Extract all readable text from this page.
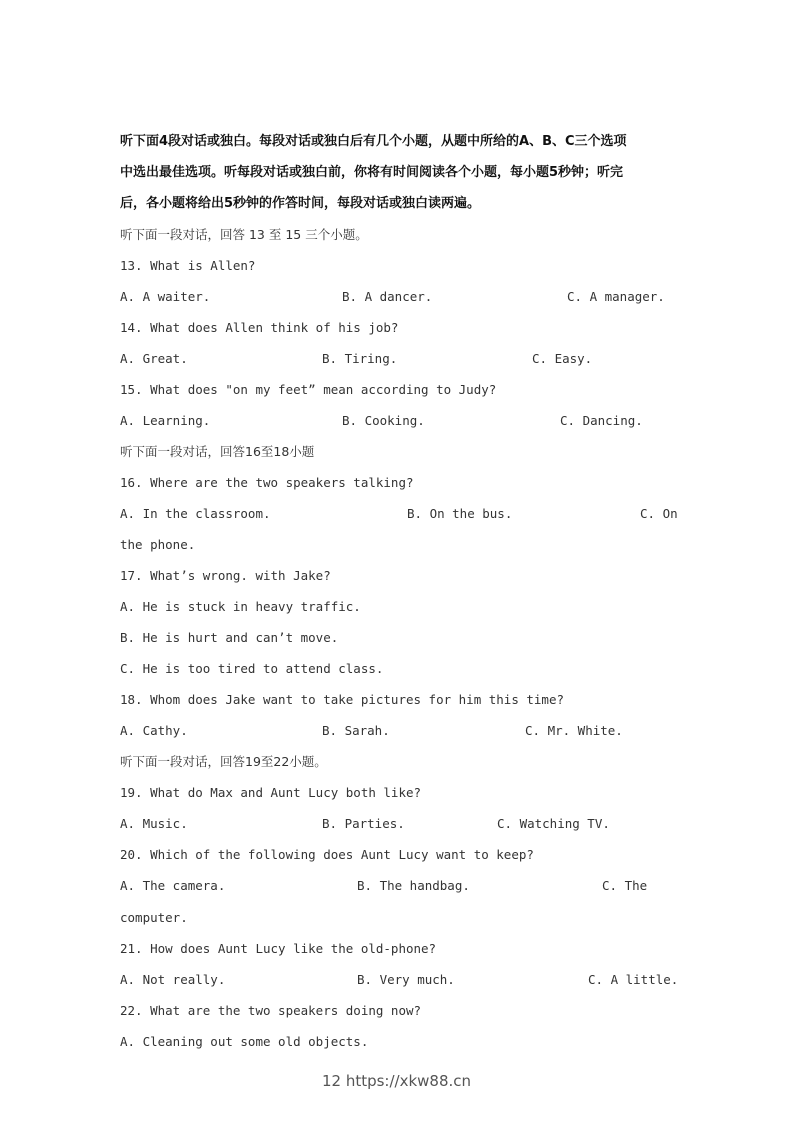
听下面4段对话或独白。每段对话或独白后有几个小题，从题中所给的A、B、C三个选项
中选出最佳选项。听每段对话或独白前，你将有时间阅读各个小题，每小题5秒钟；听完
后，各小题将给出5秒钟的作答时间，每段对话或独白读两遍。
听下面一段对话，回答 13 至 15 三个小题。
13. What is Allen?
A. A waiter.	B. A dancer.	C. A manager.
14. What does Allen think of his job?
A. Great.	B. Tiring.	C. Easy.
15. What does "on my feet” mean according to Judy?
A. Learning.	B. Cooking.	C. Dancing.
听下面一段对话，回答16至18小题
16. Where are the two speakers talking?
A. In the classroom.	B. On the bus.	C. On
the phone.
17. What’s wrong. with Jake?
A. He is stuck in heavy traffic.
B. He is hurt and can’t move.
C. He is too tired to attend class.
18. Whom does Jake want to take pictures for him this time?
A. Cathy.	B. Sarah.	C. Mr. White.
听下面一段对话，回答19至22小题。
19. What do Max and Aunt Lucy both like?
A. Music.	B. Parties.	C. Watching TV.
20. Which of the following does Aunt Lucy want to keep?
A. The camera.	B. The handbag.	C. The
computer.
21. How does Aunt Lucy like the old-phone?
A. Not really.	B. Very much.	C. A little.
22. What are the two speakers doing now?
A. Cleaning out some old objects.
12 https://xkw88.cn
